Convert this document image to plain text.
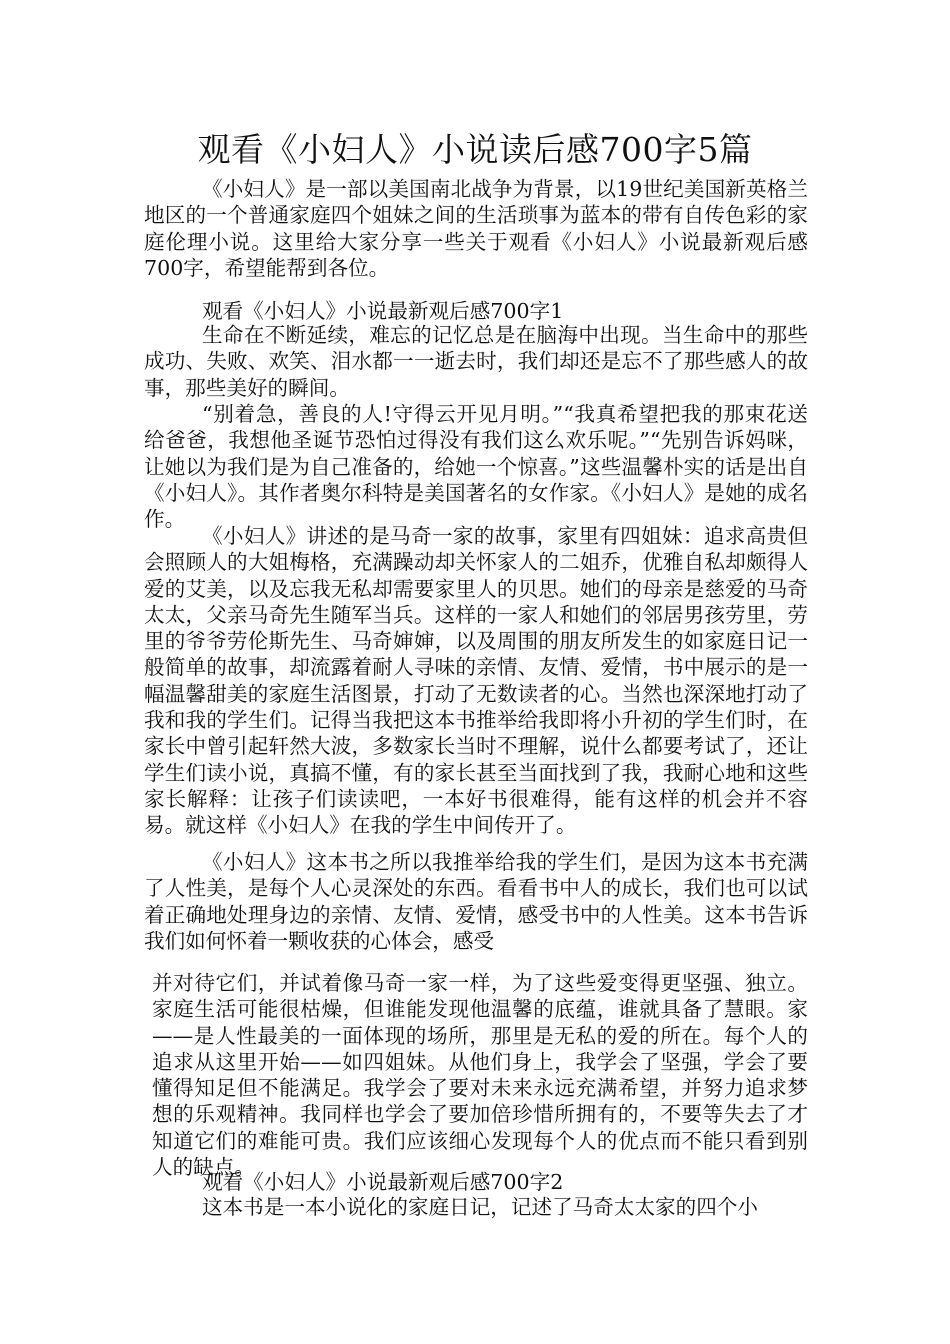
观看《小妇人》小说读后感700字5篇

《小妇人》是一部以美国南北战争为背景，以19世纪美国新英格兰地区的一个普通家庭四个姐妹之间的生活琐事为蓝本的带有自传色彩的家庭伦理小说。这里给大家分享一些关于观看《小妇人》小说最新观后感700字，希望能帮到各位。

观看《小妇人》小说最新观后感700字1

生命在不断延续，难忘的记忆总是在脑海中出现。当生命中的那些成功、失败、欢笑、泪水都一一逝去时，我们却还是忘不了那些感人的故事，那些美好的瞬间。

“别着急，善良的人!守得云开见月明。”“我真希望把我的那束花送给爸爸，我想他圣诞节恐怕过得没有我们这么欢乐呢。”“先别告诉妈咪，让她以为我们是为自己准备的，给她一个惊喜。”这些温馨朴实的话是出自《小妇人》。其作者奥尔科特是美国著名的女作家。《小妇人》是她的成名作。

《小妇人》讲述的是马奇一家的故事，家里有四姐妹：追求高贵但会照顾人的大姐梅格，充满躁动却关怀家人的二姐乔，优雅自私却颇得人爱的艾美，以及忘我无私却需要家里人的贝思。她们的母亲是慈爱的马奇太太，父亲马奇先生随军当兵。这样的一家人和她们的邻居男孩劳里，劳里的爷爷劳伦斯先生、马奇婶婶，以及周围的朋友所发生的如家庭日记一般简单的故事，却流露着耐人寻味的亲情、友情、爱情，书中展示的是一幅温馨甜美的家庭生活图景，打动了无数读者的心。当然也深深地打动了我和我的学生们。记得当我把这本书推举给我即将小升初的学生们时，在家长中曾引起轩然大波，多数家长当时不理解，说什么都要考试了，还让学生们读小说，真搞不懂，有的家长甚至当面找到了我，我耐心地和这些家长解释：让孩子们读读吧，一本好书很难得，能有这样的机会并不容易。就这样《小妇人》在我的学生中间传开了。

《小妇人》这本书之所以我推举给我的学生们，是因为这本书充满了人性美，是每个人心灵深处的东西。看看书中人的成长，我们也可以试着正确地处理身边的亲情、友情、爱情，感受书中的人性美。这本书告诉我们如何怀着一颗收获的心体会，感受

并对待它们，并试着像马奇一家一样，为了这些爱变得更坚强、独立。家庭生活可能很枯燥，但谁能发现他温馨的底蕴，谁就具备了慧眼。家——是人性最美的一面体现的场所，那里是无私的爱的所在。每个人的追求从这里开始——如四姐妹。从他们身上，我学会了坚强，学会了要懂得知足但不能满足。我学会了要对未来永远充满希望，并努力追求梦想的乐观精神。我同样也学会了要加倍珍惜所拥有的，不要等失去了才知道它们的难能可贵。我们应该细心发现每个人的优点而不能只看到别人的缺点。

观看《小妇人》小说最新观后感700字2

这本书是一本小说化的家庭日记，记述了马奇太太家的四个小
